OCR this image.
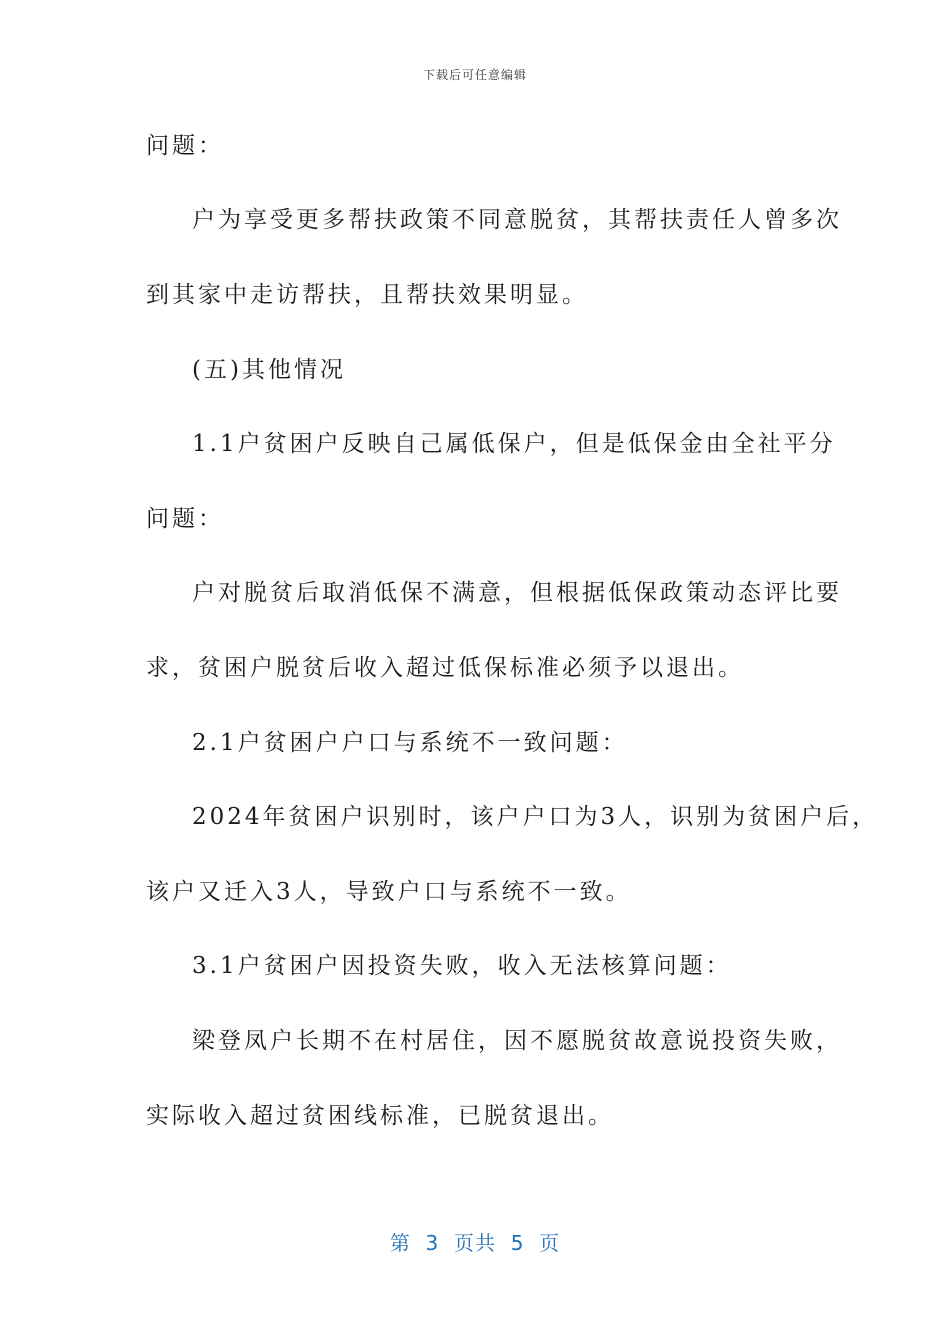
下载后可任意编辑
问题：
户为享受更多帮扶政策不同意脱贫，其帮扶责任人曾多次
到其家中走访帮扶，且帮扶效果明显。
(五)其他情况
1.1户贫困户反映自己属低保户，但是低保金由全社平分
问题：
户对脱贫后取消低保不满意，但根据低保政策动态评比要
求，贫困户脱贫后收入超过低保标准必须予以退出。
2.1户贫困户户口与系统不一致问题：
2024年贫困户识别时，该户户口为3人，识别为贫困户后，
该户又迁入3人，导致户口与系统不一致。
3.1户贫困户因投资失败，收入无法核算问题：
梁登凤户长期不在村居住，因不愿脱贫故意说投资失败，
实际收入超过贫困线标准，已脱贫退出。
第  3  页共  5  页
